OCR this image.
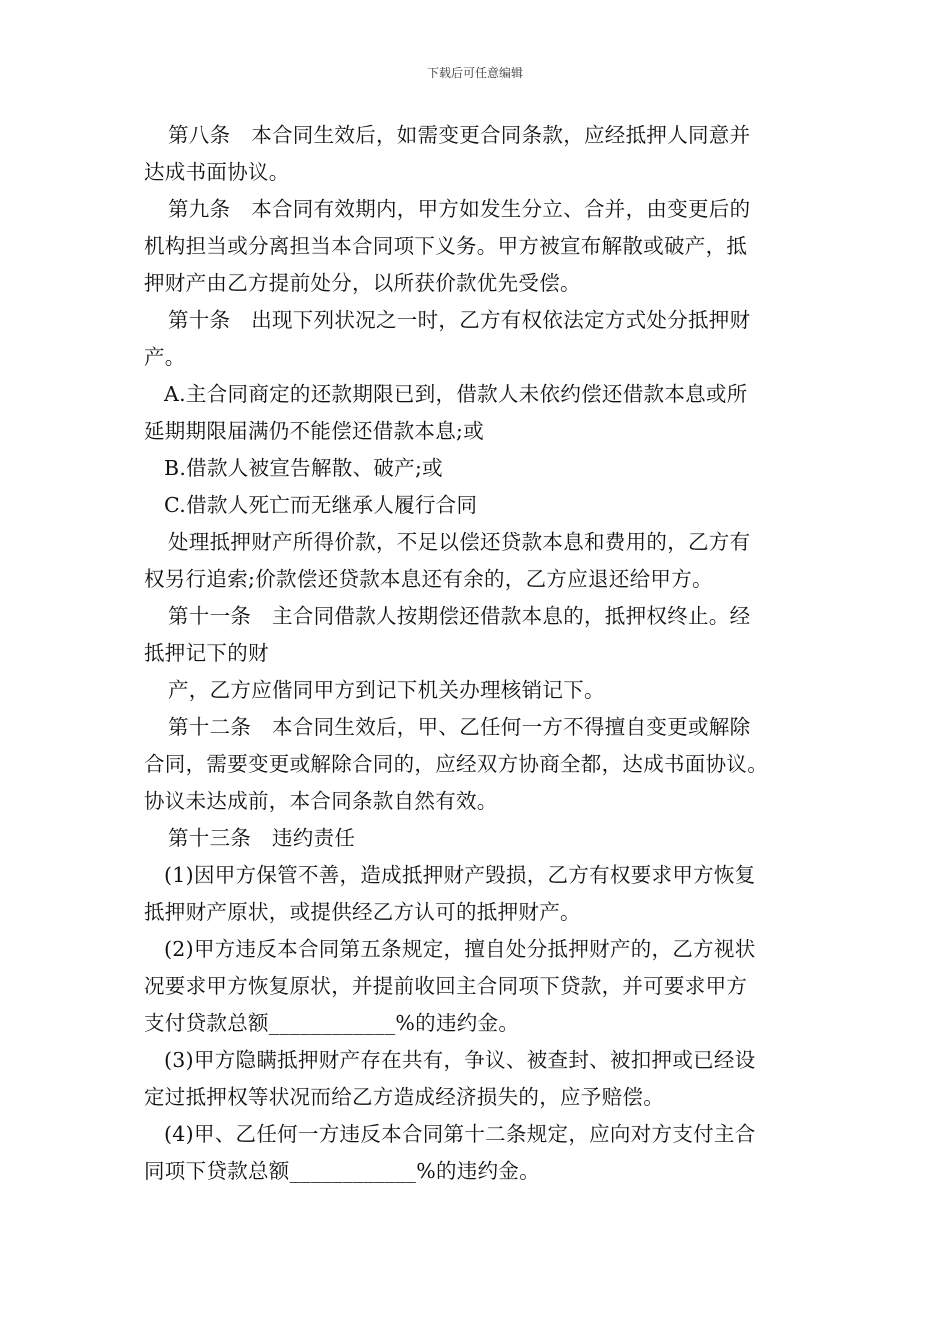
下载后可任意编辑
第八条　本合同生效后，如需变更合同条款，应经抵押人同意并
达成书面协议。
第九条　本合同有效期内，甲方如发生分立、合并，由变更后的
机构担当或分离担当本合同项下义务。甲方被宣布解散或破产，抵
押财产由乙方提前处分，以所获价款优先受偿。
第十条　出现下列状况之一时，乙方有权依法定方式处分抵押财
产。
A.主合同商定的还款期限已到，借款人未依约偿还借款本息或所
延期期限届满仍不能偿还借款本息;或
B.借款人被宣告解散、破产;或
C.借款人死亡而无继承人履行合同
处理抵押财产所得价款，不足以偿还贷款本息和费用的，乙方有
权另行追索;价款偿还贷款本息还有余的，乙方应退还给甲方。
第十一条　主合同借款人按期偿还借款本息的，抵押权终止。经
抵押记下的财
产，乙方应偕同甲方到记下机关办理核销记下。
第十二条　本合同生效后，甲、乙任何一方不得擅自变更或解除
合同，需要变更或解除合同的，应经双方协商全都，达成书面协议。
协议未达成前，本合同条款自然有效。
第十三条　违约责任
(1)因甲方保管不善，造成抵押财产毁损，乙方有权要求甲方恢复
抵押财产原状，或提供经乙方认可的抵押财产。
(2)甲方违反本合同第五条规定，擅自处分抵押财产的，乙方视状
况要求甲方恢复原状，并提前收回主合同项下贷款，并可要求甲方
支付贷款总额____________%的违约金。
(3)甲方隐瞒抵押财产存在共有，争议、被查封、被扣押或已经设
定过抵押权等状况而给乙方造成经济损失的，应予赔偿。
(4)甲、乙任何一方违反本合同第十二条规定，应向对方支付主合
同项下贷款总额____________%的违约金。
